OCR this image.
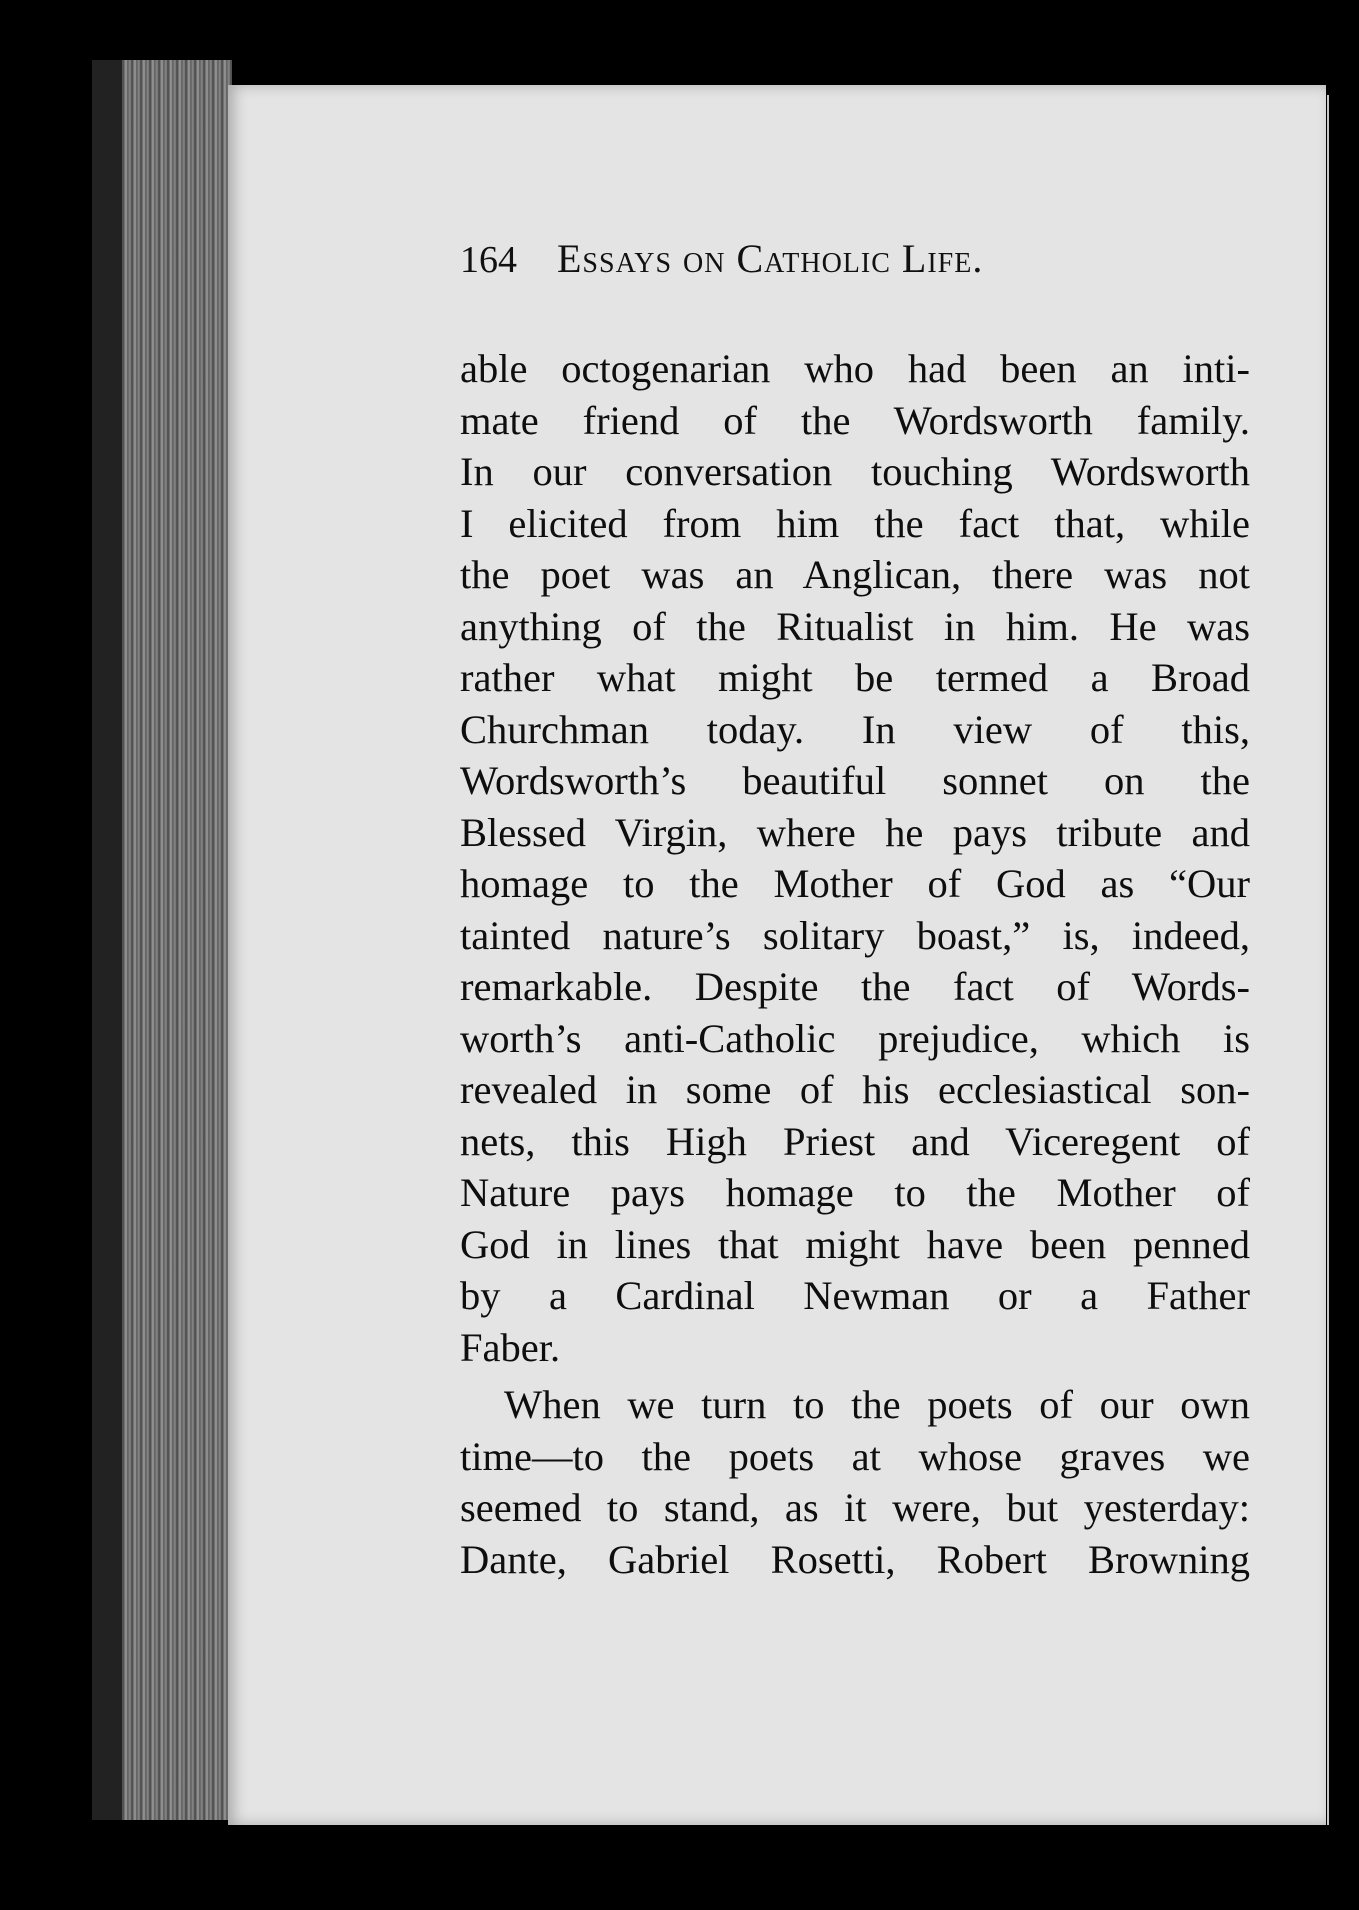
164 Essays on Catholic Life.
able octogenarian who had been an inti-
mate friend of the Wordsworth family.
In our conversation touching Wordsworth
I elicited from him the fact that, while
the poet was an Anglican, there was not
anything of the Ritualist in him. He was
rather what might be termed a Broad
Churchman today. In view of this,
Wordsworth’s beautiful sonnet on the
Blessed Virgin, where he pays tribute and
homage to the Mother of God as “Our
tainted nature’s solitary boast,” is, indeed,
remarkable. Despite the fact of Words-
worth’s anti-Catholic prejudice, which is
revealed in some of his ecclesiastical son-
nets, this High Priest and Viceregent of
Nature pays homage to the Mother of
God in lines that might have been penned
by a Cardinal Newman or a Father
Faber.
When we turn to the poets of our own
time—to the poets at whose graves we
seemed to stand, as it were, but yesterday:
Dante, Gabriel Rosetti, Robert Browning
